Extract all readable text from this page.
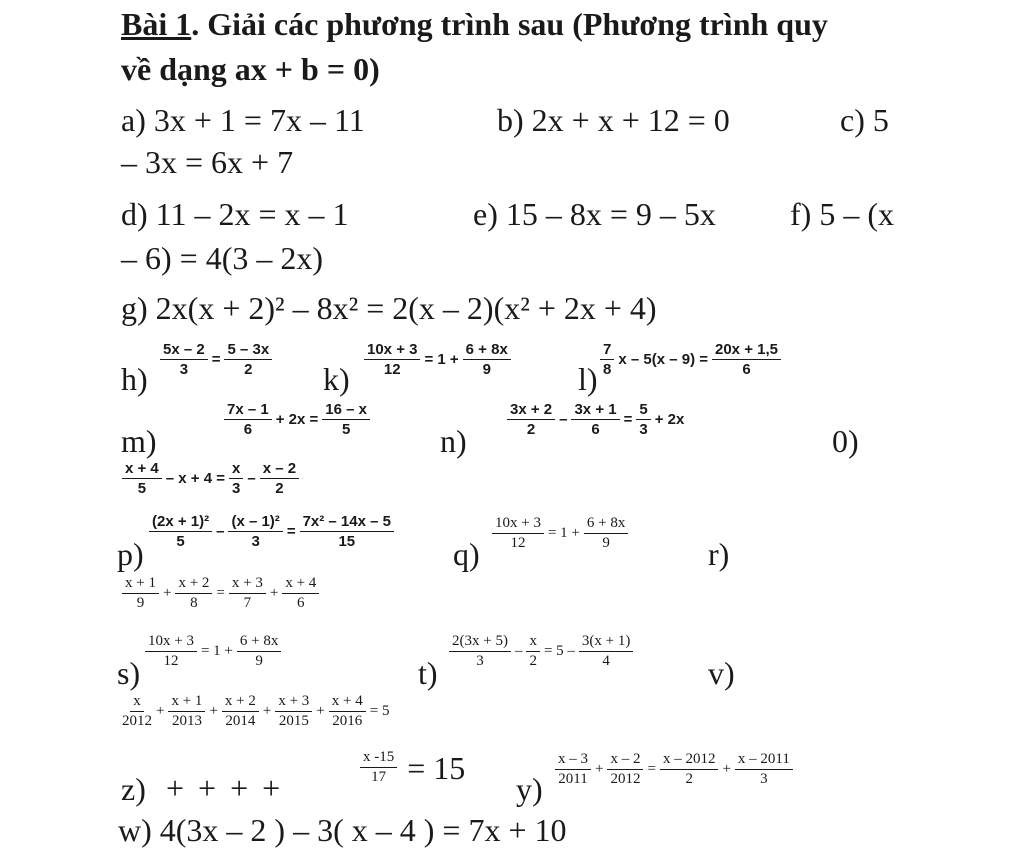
Bài 1. Giải các phương trình sau (Phương trình quy
về dạng ax + b = 0)
a) 3x + 1 = 7x – 11	b) 2x + x + 12 = 0	c) 5
– 3x = 6x + 7
d) 11 – 2x = x – 1	e) 15 – 8x = 9 – 5x f) 5 – (x
– 6) = 4(3 – 2x)
g) 2x(x + 2)² – 8x² = 2(x – 2)(x² + 2x + 4)
h)
$\frac{5x - 2}{3} = \frac{5 - 3x}{2}$
k)
$\frac{10x + 3}{12} = 1 + \frac{6 + 8x}{9}$
l)
$\frac{7}{8}$ $x - 5(x - 9) = \frac{20x + 1,5}{6}$
m)
$\frac{7x - 1}{6} + 2x = \frac{16 - x}{5}$
n)
$\frac{3x + 2}{2} - \frac{3x + 1}{6} = \frac{5}{3} + 2x$
0)
$\frac{x + 4}{5} - x + 4 = \frac{x}{3} - \frac{x - 2}{2}$
p)
$\frac{\text{(2x + 1)²}}{5} - \frac{\text{(x – 1)²}}{3} = \frac{\text{7x² – 14x – 5}}{15}$
q)
$\frac{10x + 3}{12} = 1 + \frac{6 + 8x}{9}$
r)
$\frac{x + 1}{9} + \frac{x + 2}{8} = \frac{x + 3}{7} + \frac{x + 4}{6}$
s)
$\frac{10x + 3}{12} = 1 + \frac{6 + 8x}{9}$
t)
$\frac{2(3x + 5)}{3} - \frac{x}{2} = 5 - \frac{3(x + 1)}{4}$
v)
$\frac{x}{2012} + \frac{x + 1}{2013} + \frac{x + 2}{2014} + \frac{x + 3}{2015} + \frac{x + 4}{2016} = 5$
z) + + + +
$\frac{x -15}{17} = 15$
y)
$\frac{x - 3}{2011} + \frac{x - 2}{2012} = \frac{x - 2012}{2} + \frac{x - 2011}{3}$
w) 4(3x – 2 ) – 3( x – 4 ) = 7x + 10
